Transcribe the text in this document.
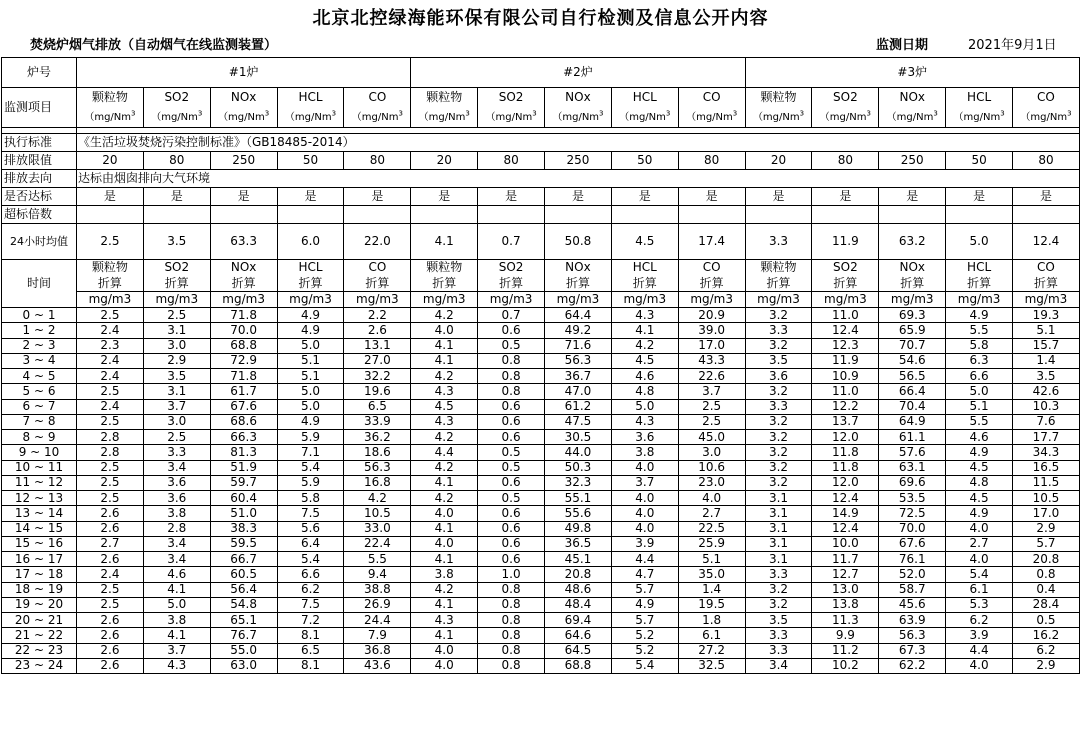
北京北控绿海能环保有限公司自行检测及信息公开内容
焚烧炉烟气排放（自动烟气在线监测装置）	监测日期	2021年9月1日
炉号	#1炉					#2炉					#3炉				
监测项目	颗粒物	SO2	NOx	HCL	CO	颗粒物	SO2	NOx	HCL	CO	颗粒物	SO2	NOx	HCL	CO
	（mg/Nm$^3$	（mg/Nm$^3$	（mg/Nm$^3$	（mg/Nm$^3$	（mg/Nm$^3$	（mg/Nm$^3$	（mg/Nm$^3$	（mg/Nm$^3$	（mg/Nm$^3$	（mg/Nm$^3$	（mg/Nm$^3$	（mg/Nm$^3$	（mg/Nm$^3$	（mg/Nm$^3$	（mg/Nm$^3$

执行标准	《生活垃圾焚烧污染控制标准》（GB18485-2014）														
排放限值	20	80	250	50	80	20	80	250	50	80	20	80	250	50	80
排放去向	达标由烟囱排向大气环境														
是否达标	是	是	是	是	是	是	是	是	是	是	是	是	是	是	是
超标倍数															
24小时均值	2.5	3.5	63.3	6.0	22.0	4.1	0.7	50.8	4.5	17.4	3.3	11.9	63.2	5.0	12.4
时间	颗粒物	SO2	NOx	HCL	CO	颗粒物	SO2	NOx	HCL	CO	颗粒物	SO2	NOx	HCL	CO
	折算	折算	折算	折算	折算	折算	折算	折算	折算	折算	折算	折算	折算	折算	折算
	mg/m3	mg/m3	mg/m3	mg/m3	mg/m3	mg/m3	mg/m3	mg/m3	mg/m3	mg/m3	mg/m3	mg/m3	mg/m3	mg/m3	mg/m3
0 ~ 1	2.5	2.5	71.8	4.9	2.2	4.2	0.7	64.4	4.3	20.9	3.2	11.0	69.3	4.9	19.3
1 ~ 2	2.4	3.1	70.0	4.9	2.6	4.0	0.6	49.2	4.1	39.0	3.3	12.4	65.9	5.5	5.1
2 ~ 3	2.3	3.0	68.8	5.0	13.1	4.1	0.5	71.6	4.2	17.0	3.2	12.3	70.7	5.8	15.7
3 ~ 4	2.4	2.9	72.9	5.1	27.0	4.1	0.8	56.3	4.5	43.3	3.5	11.9	54.6	6.3	1.4
4 ~ 5	2.4	3.5	71.8	5.1	32.2	4.2	0.8	36.7	4.6	22.6	3.6	10.9	56.5	6.6	3.5
5 ~ 6	2.5	3.1	61.7	5.0	19.6	4.3	0.8	47.0	4.8	3.7	3.2	11.0	66.4	5.0	42.6
6 ~ 7	2.4	3.7	67.6	5.0	6.5	4.5	0.6	61.2	5.0	2.5	3.3	12.2	70.4	5.1	10.3
7 ~ 8	2.5	3.0	68.6	4.9	33.9	4.3	0.6	47.5	4.3	2.5	3.2	13.7	64.9	5.5	7.6
8 ~ 9	2.8	2.5	66.3	5.9	36.2	4.2	0.6	30.5	3.6	45.0	3.2	12.0	61.1	4.6	17.7
9 ~ 10	2.8	3.3	81.3	7.1	18.6	4.4	0.5	44.0	3.8	3.0	3.2	11.8	57.6	4.9	34.3
10 ~ 11	2.5	3.4	51.9	5.4	56.3	4.2	0.5	50.3	4.0	10.6	3.2	11.8	63.1	4.5	16.5
11 ~ 12	2.5	3.6	59.7	5.9	16.8	4.1	0.6	32.3	3.7	23.0	3.2	12.0	69.6	4.8	11.5
12 ~ 13	2.5	3.6	60.4	5.8	4.2	4.2	0.5	55.1	4.0	4.0	3.1	12.4	53.5	4.5	10.5
13 ~ 14	2.6	3.8	51.0	7.5	10.5	4.0	0.6	55.6	4.0	2.7	3.1	14.9	72.5	4.9	17.0
14 ~ 15	2.6	2.8	38.3	5.6	33.0	4.1	0.6	49.8	4.0	22.5	3.1	12.4	70.0	4.0	2.9
15 ~ 16	2.7	3.4	59.5	6.4	22.4	4.0	0.6	36.5	3.9	25.9	3.1	10.0	67.6	2.7	5.7
16 ~ 17	2.6	3.4	66.7	5.4	5.5	4.1	0.6	45.1	4.4	5.1	3.1	11.7	76.1	4.0	20.8
17 ~ 18	2.4	4.6	60.5	6.6	9.4	3.8	1.0	20.8	4.7	35.0	3.3	12.7	52.0	5.4	0.8
18 ~ 19	2.5	4.1	56.4	6.2	38.8	4.2	0.8	48.6	5.7	1.4	3.2	13.0	58.7	6.1	0.4
19 ~ 20	2.5	5.0	54.8	7.5	26.9	4.1	0.8	48.4	4.9	19.5	3.2	13.8	45.6	5.3	28.4
20 ~ 21	2.6	3.8	65.1	7.2	24.4	4.3	0.8	69.4	5.7	1.8	3.5	11.3	63.9	6.2	0.5
21 ~ 22	2.6	4.1	76.7	8.1	7.9	4.1	0.8	64.6	5.2	6.1	3.3	9.9	56.3	3.9	16.2
22 ~ 23	2.6	3.7	55.0	6.5	36.8	4.0	0.8	64.5	5.2	27.2	3.3	11.2	67.3	4.4	6.2
23 ~ 24	2.6	4.3	63.0	8.1	43.6	4.0	0.8	68.8	5.4	32.5	3.4	10.2	62.2	4.0	2.9
